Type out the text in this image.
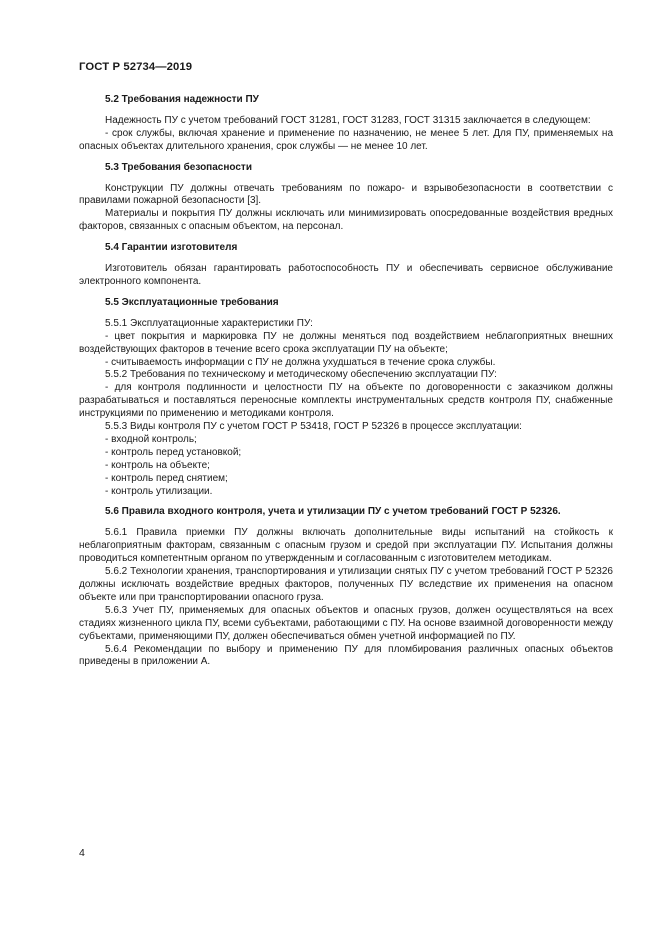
ГОСТ Р 52734—2019
5.2 Требования надежности ПУ

Надежность ПУ с учетом требований ГОСТ 31281, ГОСТ 31283, ГОСТ 31315 заключается в следующем:

- срок службы, включая хранение и применение по назначению, не менее 5 лет. Для ПУ, применяемых на опасных объектах длительного хранения, срок службы — не менее 10 лет.

5.3 Требования безопасности

Конструкции ПУ должны отвечать требованиям по пожаро- и взрывобезопасности в соответствии с правилами пожарной безопасности [3].

Материалы и покрытия ПУ должны исключать или минимизировать опосредованные воздействия вредных факторов, связанных с опасным объектом, на персонал.

5.4 Гарантии изготовителя

Изготовитель обязан гарантировать работоспособность ПУ и обеспечивать сервисное обслуживание электронного компонента.

5.5 Эксплуатационные требования

5.5.1 Эксплуатационные характеристики ПУ:

- цвет покрытия и маркировка ПУ не должны меняться под воздействием неблагоприятных внешних воздействующих факторов в течение всего срока эксплуатации ПУ на объекте;

- считываемость информации с ПУ не должна ухудшаться в течение срока службы.

5.5.2 Требования по техническому и методическому обеспечению эксплуатации ПУ:

- для контроля подлинности и целостности ПУ на объекте по договоренности с заказчиком должны разрабатываться и поставляться переносные комплекты инструментальных средств контроля ПУ, снабженные инструкциями по применению и методиками контроля.

5.5.3 Виды контроля ПУ с учетом ГОСТ Р 53418, ГОСТ Р 52326 в процессе эксплуатации:

- входной контроль;

- контроль перед установкой;

- контроль на объекте;

- контроль перед снятием;

- контроль утилизации.

5.6 Правила входного контроля, учета и утилизации ПУ с учетом требований ГОСТ Р 52326.

5.6.1 Правила приемки ПУ должны включать дополнительные виды испытаний на стойкость к неблагоприятным факторам, связанным с опасным грузом и средой при эксплуатации ПУ. Испытания должны проводиться компетентным органом по утвержденным и согласованным с изготовителем методикам.

5.6.2 Технологии хранения, транспортирования и утилизации снятых ПУ с учетом требований ГОСТ Р 52326 должны исключать воздействие вредных факторов, полученных ПУ вследствие их применения на опасном объекте или при транспортировании опасного груза.

5.6.3 Учет ПУ, применяемых для опасных объектов и опасных грузов, должен осуществляться на всех стадиях жизненного цикла ПУ, всеми субъектами, работающими с ПУ. На основе взаимной договоренности между субъектами, применяющими ПУ, должен обеспечиваться обмен учетной информацией по ПУ.

5.6.4 Рекомендации по выбору и применению ПУ для пломбирования различных опасных объектов приведены в приложении А.

4
